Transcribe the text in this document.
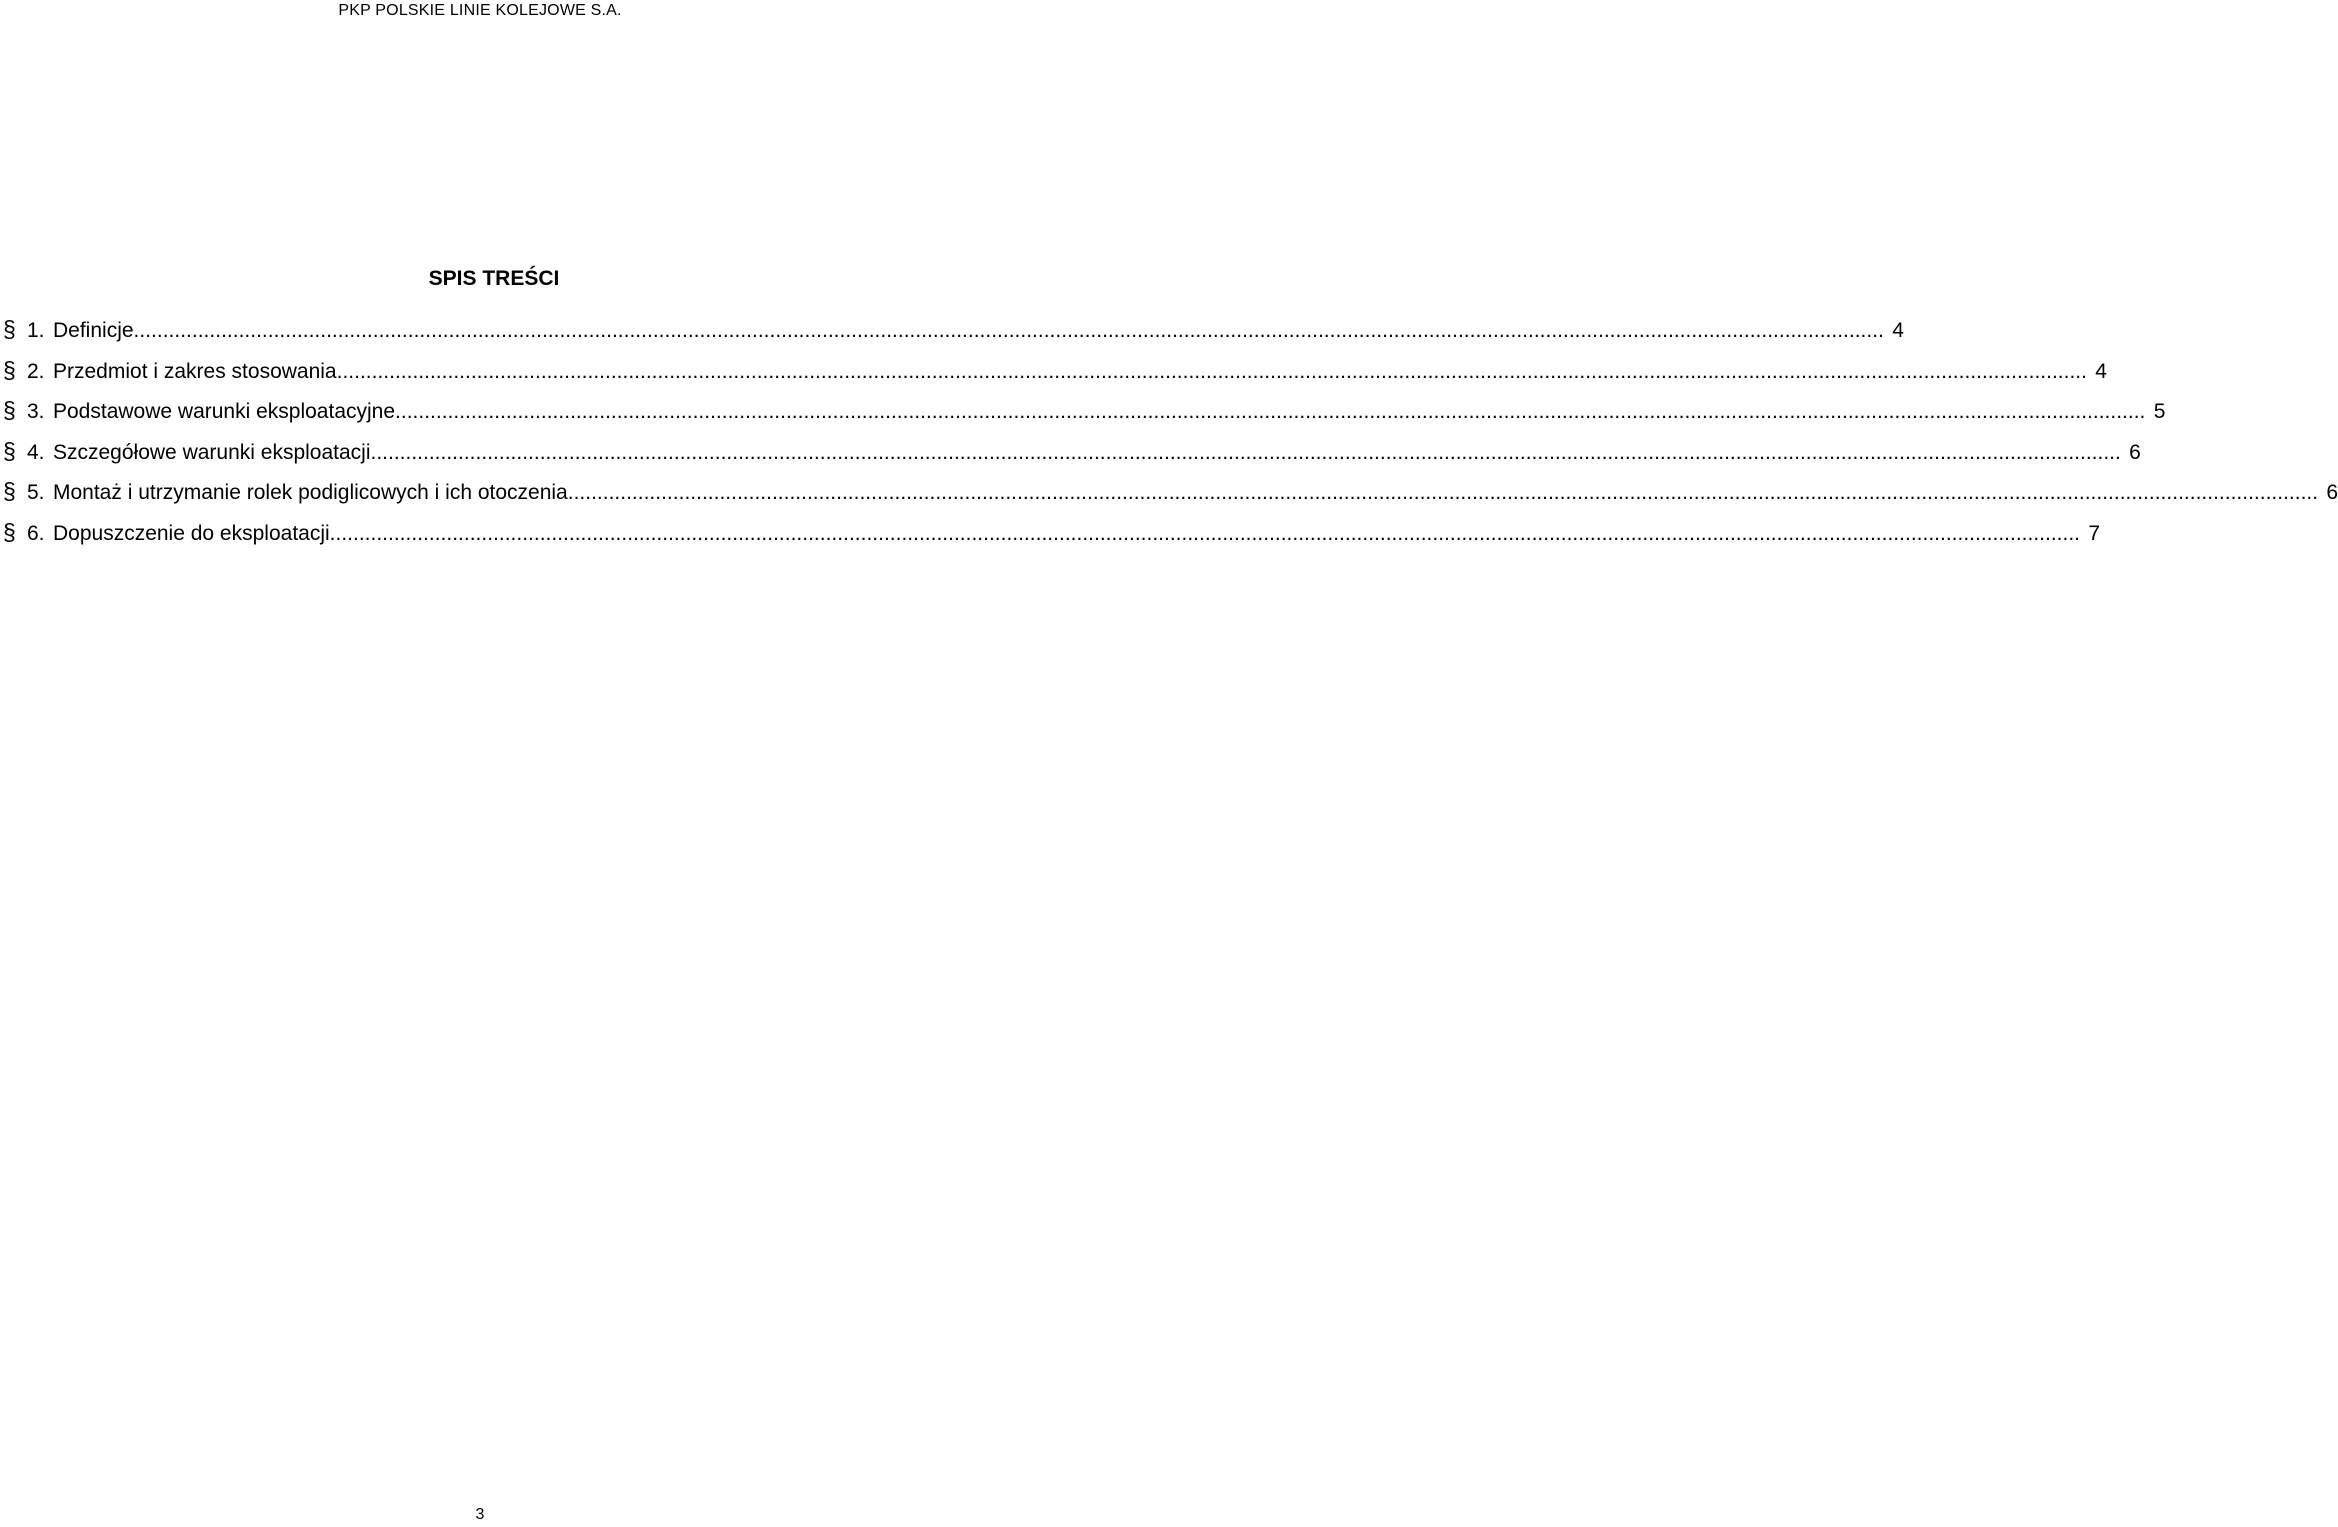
PKP POLSKIE LINIE KOLEJOWE S.A.
SPIS TREŚCI
§ 1. Definicje ............................................................................................................................................................................................................................................................................................................ 4
§ 2. Przedmiot i zakres stosowania ............................................................................................................................................................................................................................................................................................................ 4
§ 3. Podstawowe warunki eksploatacyjne ............................................................................................................................................................................................................................................................................................................ 5
§ 4. Szczegółowe warunki eksploatacji ............................................................................................................................................................................................................................................................................................................ 6
§ 5. Montaż i utrzymanie rolek podiglicowych i ich otoczenia ............................................................................................................................................................................................................................................................................................................ 6
§ 6. Dopuszczenie do eksploatacji ............................................................................................................................................................................................................................................................................................................ 7
3
